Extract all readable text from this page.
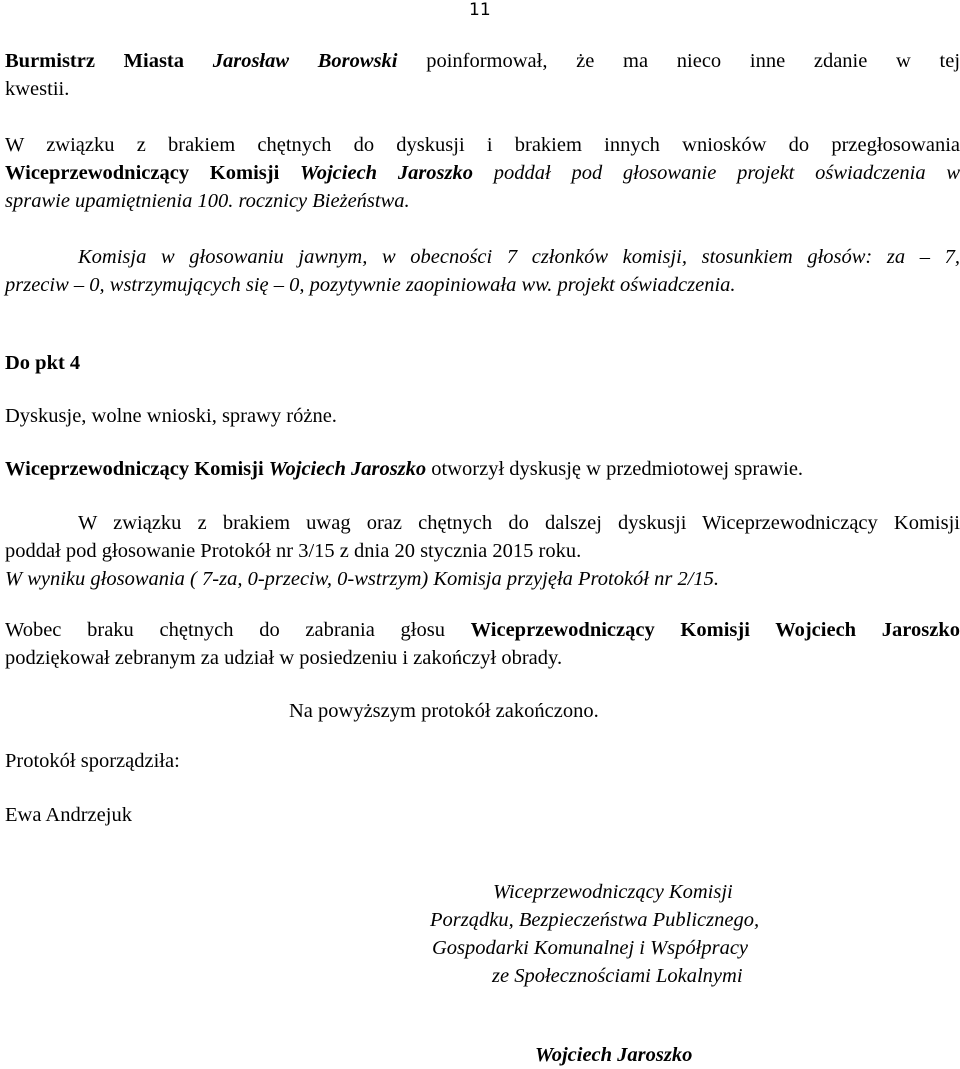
11
Burmistrz Miasta Jarosław Borowski poinformował, że ma nieco inne zdanie w tej
kwestii.
W związku z brakiem chętnych do dyskusji i brakiem innych wniosków do przegłosowania
Wiceprzewodniczący Komisji Wojciech Jaroszko poddał pod głosowanie projekt oświadczenia w
sprawie upamiętnienia 100. rocznicy Bieżeństwa.
Komisja w głosowaniu jawnym, w obecności 7 członków komisji, stosunkiem głosów: za – 7,
przeciw – 0, wstrzymujących się – 0, pozytywnie zaopiniowała ww. projekt oświadczenia.
Do pkt 4
Dyskusje, wolne wnioski, sprawy różne.
Wiceprzewodniczący Komisji Wojciech Jaroszko otworzył dyskusję w przedmiotowej sprawie.
W związku z brakiem uwag oraz chętnych do dalszej dyskusji Wiceprzewodniczący Komisji
poddał pod głosowanie Protokół nr 3/15 z dnia 20 stycznia 2015 roku.
W wyniku głosowania ( 7-za, 0-przeciw, 0-wstrzym) Komisja przyjęła Protokół nr 2/15.
Wobec braku chętnych do zabrania głosu Wiceprzewodniczący Komisji Wojciech Jaroszko
podziękował zebranym za udział w posiedzeniu i zakończył obrady.
Na powyższym protokół zakończono.
Protokół sporządziła:
Ewa Andrzejuk
Wiceprzewodniczący Komisji
Porządku, Bezpieczeństwa Publicznego,
Gospodarki Komunalnej i Współpracy
ze Społecznościami Lokalnymi
Wojciech Jaroszko
